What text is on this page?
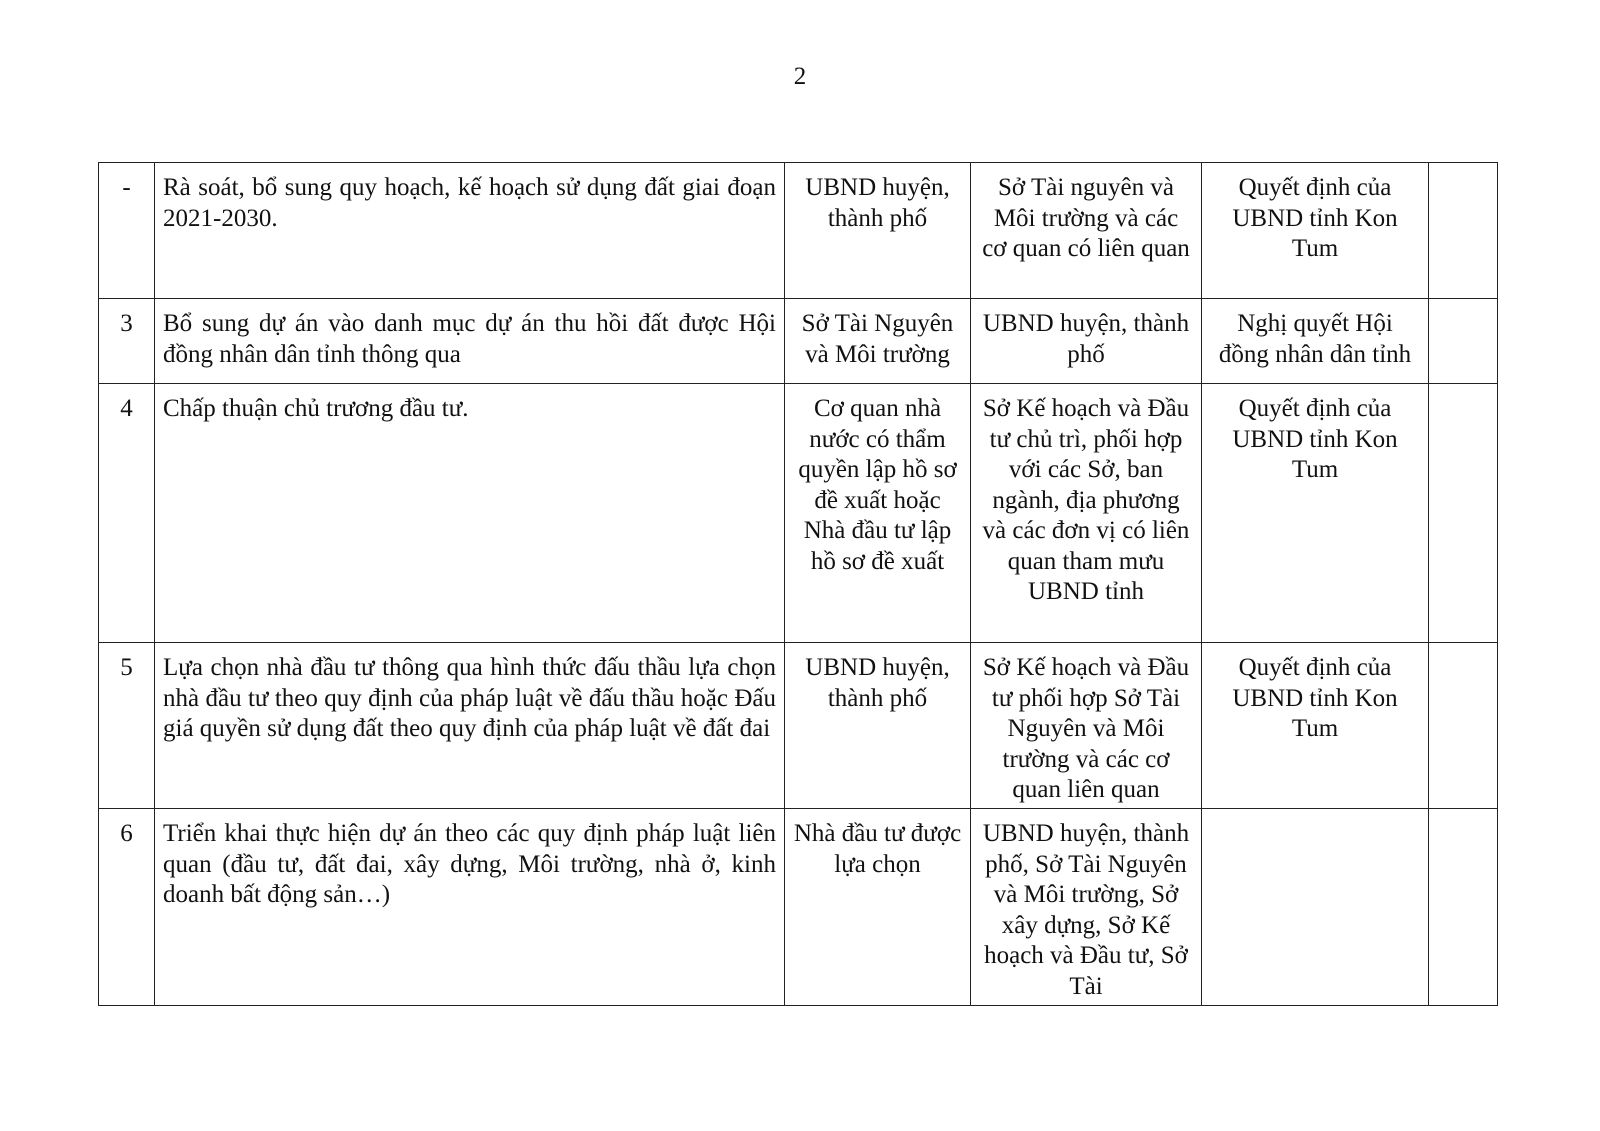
2
-	Rà soát, bổ sung quy hoạch, kế hoạch sử dụng đất giai đoạn 2021-2030.	UBND huyện, thành phố	Sở Tài nguyên và Môi trường và các cơ quan có liên quan	Quyết định của UBND tỉnh Kon Tum	
3	Bổ sung dự án vào danh mục dự án thu hồi đất được Hội đồng nhân dân tỉnh thông qua	Sở Tài Nguyên và Môi trường	UBND huyện, thành phố	Nghị quyết Hội đồng nhân dân tỉnh	
4	Chấp thuận chủ trương đầu tư.	Cơ quan nhà nước có thẩm quyền lập hồ sơ đề xuất hoặc Nhà đầu tư lập hồ sơ đề xuất	Sở Kế hoạch và Đầu tư chủ trì, phối hợp với các Sở, ban ngành, địa phương và các đơn vị có liên quan tham mưu UBND tỉnh	Quyết định của UBND tỉnh Kon Tum	
5	Lựa chọn nhà đầu tư thông qua hình thức đấu thầu lựa chọn nhà đầu tư theo quy định của pháp luật về đấu thầu hoặc Đấu giá quyền sử dụng đất theo quy định của pháp luật về đất đai	UBND huyện, thành phố	Sở Kế hoạch và Đầu tư phối hợp Sở Tài Nguyên và Môi trường và các cơ quan liên quan	Quyết định của UBND tỉnh Kon Tum	
6	Triển khai thực hiện dự án theo các quy định pháp luật liên quan (đầu tư, đất đai, xây dựng, Môi trường, nhà ở, kinh doanh bất động sản…)	Nhà đầu tư được lựa chọn	UBND huyện, thành phố, Sở Tài Nguyên và Môi trường, Sở xây dựng, Sở Kế hoạch và Đầu tư, Sở Tài		
